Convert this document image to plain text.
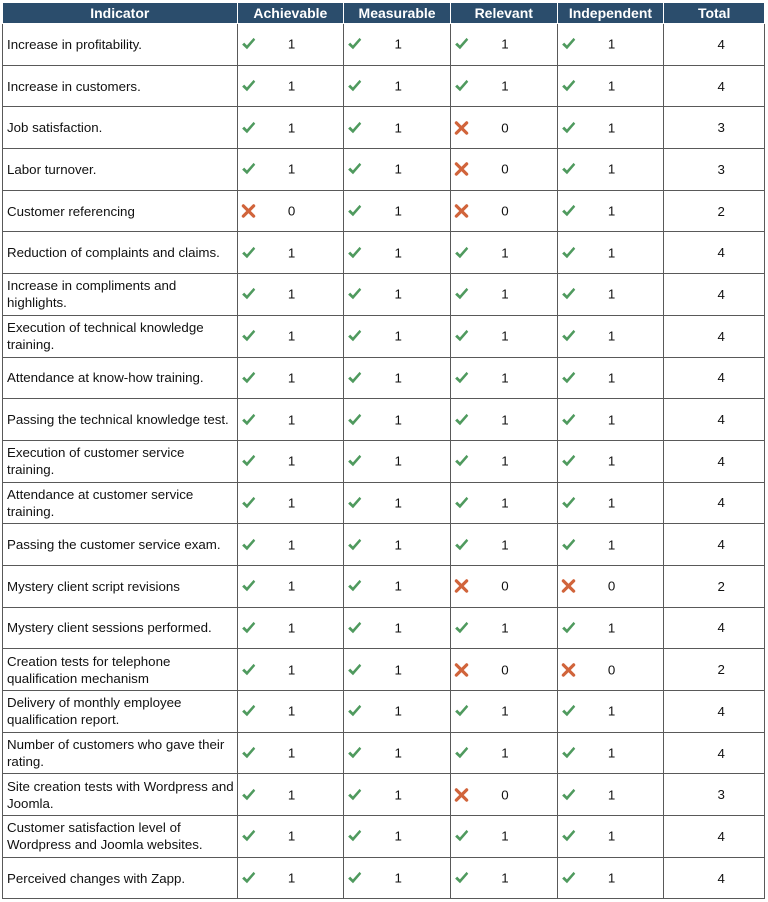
Indicator	Achievable	Measurable	Relevant	Independent	Total
Increase in profitability.	1	1	1	1	4
Increase in customers.	1	1	1	1	4
Job satisfaction.	1	1	0	1	3
Labor turnover.	1	1	0	1	3
Customer referencing	0	1	0	1	2
Reduction of complaints and claims.	1	1	1	1	4
Increase in compliments and highlights.	1	1	1	1	4
Execution of technical knowledge training.	1	1	1	1	4
Attendance at know-how training.	1	1	1	1	4
Passing the technical knowledge test.	1	1	1	1	4
Execution of customer service training.	1	1	1	1	4
Attendance at customer service training.	1	1	1	1	4
Passing the customer service exam.	1	1	1	1	4
Mystery client script revisions	1	1	0	0	2
Mystery client sessions performed.	1	1	1	1	4
Creation tests for telephone qualification mechanism	1	1	0	0	2
Delivery of monthly employee qualification report.	1	1	1	1	4
Number of customers who gave their rating.	1	1	1	1	4
Site creation tests with Wordpress and Joomla.	1	1	0	1	3
Customer satisfaction level of Wordpress and Joomla websites.	1	1	1	1	4
Perceived changes with Zapp.	1	1	1	1	4
